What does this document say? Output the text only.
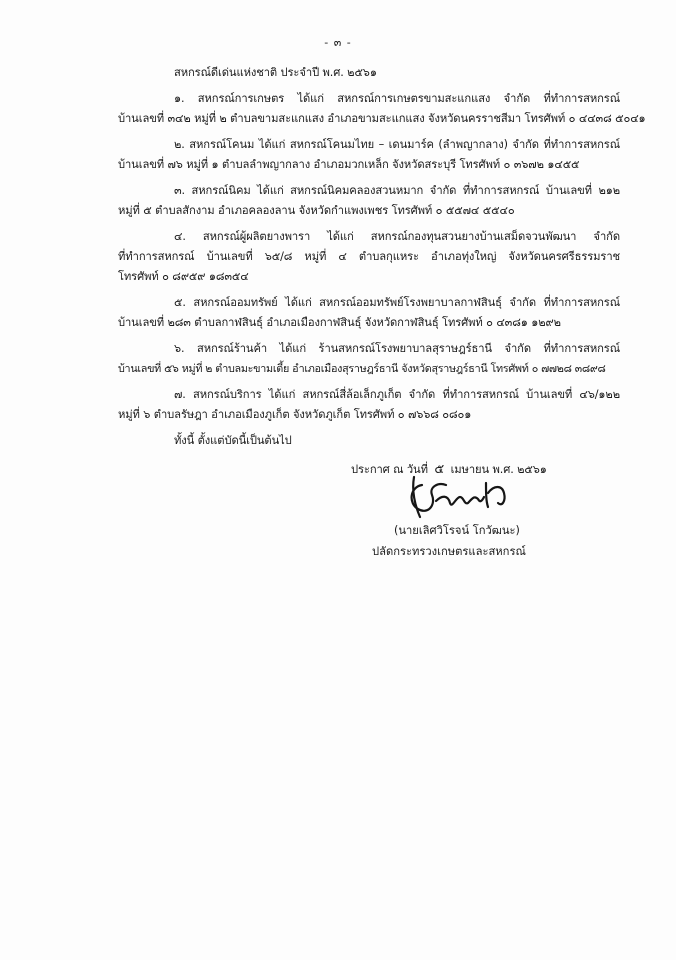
- ๓ -
สหกรณ์ดีเด่นแห่งชาติ ประจำปี พ.ศ. ๒๕๖๑
๑. สหกรณ์การเกษตร ได้แก่ สหกรณ์การเกษตรขามสะแกแสง จำกัด ที่ทำการสหกรณ์
บ้านเลขที่ ๓๔๒ หมู่ที่ ๒ ตำบลขามสะแกแสง อำเภอขามสะแกแสง จังหวัดนครราชสีมา โทรศัพท์ ๐ ๔๔๓๘ ๕๐๔๑
๒. สหกรณ์โคนม ได้แก่ สหกรณ์โคนมไทย – เดนมาร์ค (ลำพญากลาง) จำกัด ที่ทำการสหกรณ์
บ้านเลขที่ ๗๖ หมู่ที่ ๑ ตำบลลำพญากลาง อำเภอมวกเหล็ก จังหวัดสระบุรี โทรศัพท์ ๐ ๓๖๗๒ ๑๔๕๕
๓. สหกรณ์นิคม ได้แก่ สหกรณ์นิคมคลองสวนหมาก จำกัด ที่ทำการสหกรณ์ บ้านเลขที่ ๒๑๒
หมู่ที่ ๕ ตำบลสักงาม อำเภอคลองลาน จังหวัดกำแพงเพชร โทรศัพท์ ๐ ๕๕๗๔ ๕๕๔๐
๔. สหกรณ์ผู้ผลิตยางพารา ได้แก่ สหกรณ์กองทุนสวนยางบ้านเสม็ดจวนพัฒนา จำกัด
ที่ทำการสหกรณ์ บ้านเลขที่ ๖๕/๘ หมู่ที่ ๔ ตำบลกุแหระ อำเภอทุ่งใหญ่ จังหวัดนครศรีธรรมราช
โทรศัพท์ ๐ ๘๙๕๙ ๑๘๓๕๔
๕. สหกรณ์ออมทรัพย์ ได้แก่ สหกรณ์ออมทรัพย์โรงพยาบาลกาฬสินธุ์ จำกัด ที่ทำการสหกรณ์
บ้านเลขที่ ๒๘๓ ตำบลกาฬสินธุ์ อำเภอเมืองกาฬสินธุ์ จังหวัดกาฬสินธุ์ โทรศัพท์ ๐ ๔๓๘๑ ๑๒๙๒
๖. สหกรณ์ร้านค้า ได้แก่ ร้านสหกรณ์โรงพยาบาลสุราษฎร์ธานี จำกัด ที่ทำการสหกรณ์
บ้านเลขที่ ๕๖ หมู่ที่ ๒ ตำบลมะขามเตี้ย อำเภอเมืองสุราษฎร์ธานี จังหวัดสุราษฎร์ธานี โทรศัพท์ ๐ ๗๗๒๘ ๓๘๙๘
๗. สหกรณ์บริการ ได้แก่ สหกรณ์สี่ล้อเล็กภูเก็ต จำกัด ที่ทำการสหกรณ์ บ้านเลขที่ ๔๖/๑๒๒
หมู่ที่ ๖ ตำบลรัษฎา อำเภอเมืองภูเก็ต จังหวัดภูเก็ต โทรศัพท์ ๐ ๗๖๖๘ ๐๘๐๑
ทั้งนี้ ตั้งแต่บัดนี้เป็นต้นไป
ประกาศ ณ วันที่ ๕ เมษายน พ.ศ. ๒๕๖๑
(นายเลิศวิโรจน์ โกวัฒนะ)
ปลัดกระทรวงเกษตรและสหกรณ์
